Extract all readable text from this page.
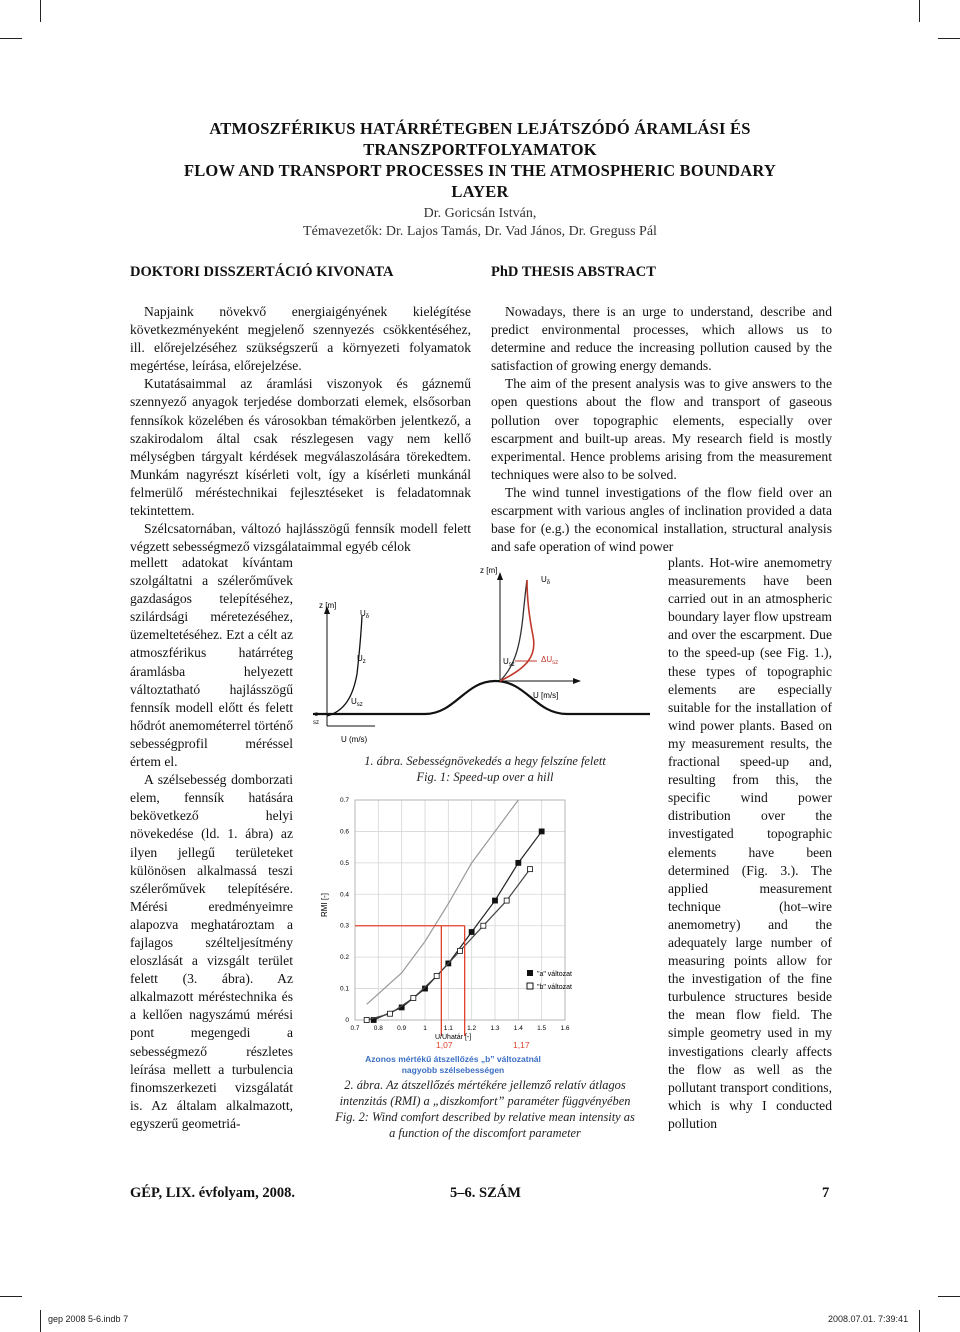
ATMOSZFÉRIKUS HATÁRRÉTEGBEN LEJÁTSZÓDÓ ÁRAMLÁSI ÉS
TRANSZPORTFOLYAMATOK
FLOW AND TRANSPORT PROCESSES IN THE ATMOSPHERIC BOUNDARY
LAYER
Dr. Goricsán István,
Témavezetők: Dr. Lajos Tamás, Dr. Vad János, Dr. Greguss Pál
DOKTORI DISSZERTÁCIÓ KIVONATA	PhD THESIS ABSTRACT

Napjaink növekvő energiaigényének kielégítése következményeként megjelenő szennyezés csökkentéséhez, ill. előrejelzéséhez szükségszerű a környezeti folyamatok megértése, leírása, előrejelzése.

Kutatásaimmal az áramlási viszonyok és gáznemű szennyező anyagok terjedése domborzati elemek, elsősorban fennsíkok közelében és városokban témakörben jelentkező, a szakirodalom által csak részlegesen vagy nem kellő mélységben tárgyalt kérdések megválaszolására törekedtem. Munkám nagyrészt kísérleti volt, így a kísérleti munkánál felmerülő méréstechnikai fejlesztéseket is feladatomnak tekintettem.

Szélcsatornában, változó hajlásszögű fennsík modell felett végzett sebességmező vizsgálataimmal egyéb célok

mellett adatokat kívántam szolgáltatni a szélerőművek gazdaságos telepítéséhez, szilárdsági méretezéséhez, üzemeltetéséhez. Ezt a célt az atmoszférikus határréteg áramlásba helyezett változtatható hajlásszögű fennsík modell előtt és felett hődrót anemométerrel történő sebességprofil méréssel értem el.

A szélsebesség domborzati elem, fennsík hatására bekövetkező helyi növekedése (ld. 1. ábra) az ilyen jellegű területeket különösen alkalmassá teszi szélerőművek telepítésére. Mérési eredményeimre alapozva meghatároztam a fajlagos szélteljesítmény eloszlását a vizsgált terület felett (3. ábra). Az alkalmazott méréstechnika és a kellően nagyszámú mérési pont megengedi a sebességmező részletes leírása mellett a turbulencia finomszerkezeti vizsgálatát is. Az általam alkalmazott, egyszerű geometriá-

Nowadays, there is an urge to understand, describe and predict environmental processes, which allows us to determine and reduce the increasing pollution caused by the satisfaction of growing energy demands.

The aim of the present analysis was to give answers to the open questions about the flow and transport of gaseous pollution over topographic elements, especially over escarpment and built-up areas. My research field is mostly experimental. Hence problems arising from the measurement techniques were also to be solved.

The wind tunnel investigations of the flow field over an escarpment with various angles of inclination provided a data base for (e.g.) the economical installation, structural analysis and safe operation of wind power

plants. Hot-wire anemometry measurements have been carried out in an atmospheric boundary layer flow upstream and over the escarpment. Due to the speed-up (see Fig. 1.), these types of topographic elements are especially suitable for the installation of wind power plants. Based on my measurement results, the fractional speed-up and, resulting from this, the specific wind power distribution over the investigated topographic elements have been determined (Fig. 3.). The applied measurement technique (hot–wire anemometry) and the adequately large number of measuring points allow for the investigation of the fine turbulence structures beside the mean flow field. The simple geometry used in my investigations clearly affects the flow as well as the pollutant transport conditions, which is why I conducted pollution

z [m]
$U_\delta$
$U_z$
$U_{sz}$
z
sz
U (m/s)
z [m]
$U_\delta$
$U_{sz}$
$\Delta U_{sz}$
U [m/s]
1. ábra. Sebességnövekedés a hegy felszíne felett
Fig. 1: Speed-up over a hill
0.7 0.8 0.9	1	1.1 1.2 1.3 1.4 1.5 1.6
0
0.1
0.2
0.3
0.4
0.5
0.6
0.7
RMI [-]
U/Uhatár [-]
"a" változat
"b" változat
1,07	1,17
Azonos mértékű átszellőzés „b” változatnál
nagyobb szélsebességen
2. ábra. Az átszellőzés mértékére jellemző relatív átlagos
intenzitás (RMI) a „diszkomfort” paraméter függvényében
Fig. 2: Wind comfort described by relative mean intensity as
a function of the discomfort parameter
GÉP, LIX. évfolyam, 2008.	5–6. SZÁM	7
gep 2008 5-6.indb 7	2008.07.01. 7:39:41
